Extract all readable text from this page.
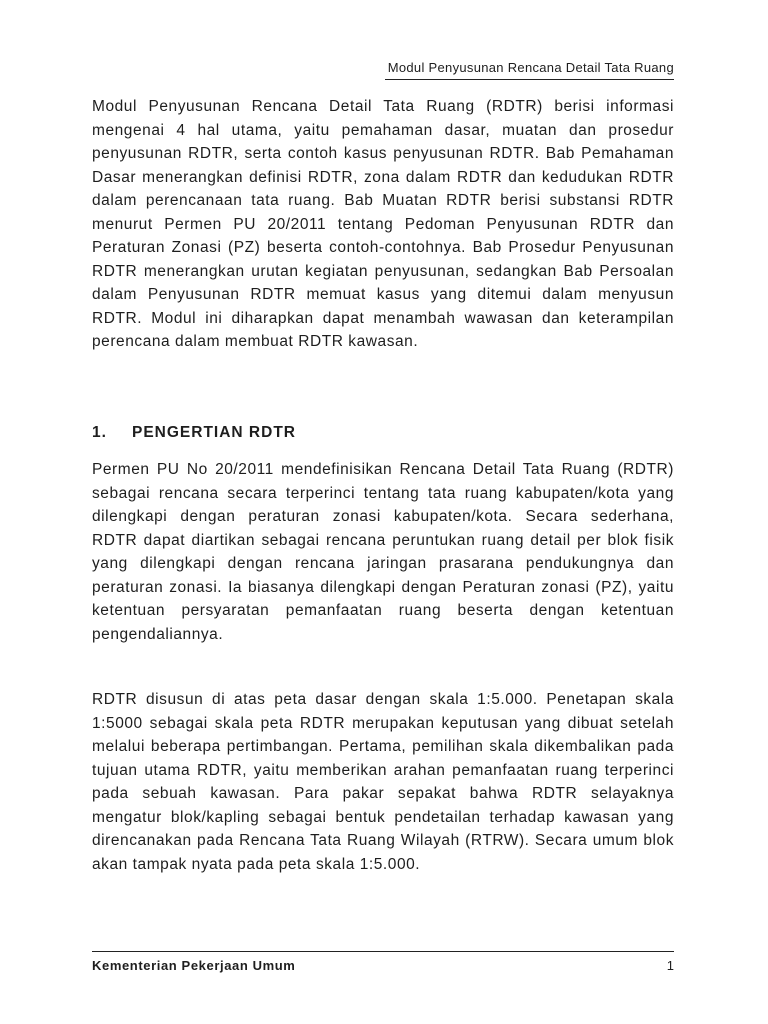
Modul Penyusunan Rencana Detail Tata Ruang

Modul Penyusunan Rencana Detail Tata Ruang (RDTR) berisi informasi mengenai 4 hal utama, yaitu pemahaman dasar, muatan dan prosedur penyusunan RDTR, serta contoh kasus penyusunan RDTR. Bab Pemahaman Dasar menerangkan definisi RDTR, zona dalam RDTR dan kedudukan RDTR dalam perencanaan tata ruang. Bab Muatan RDTR berisi substansi RDTR menurut Permen PU 20/2011 tentang Pedoman Penyusunan RDTR dan Peraturan Zonasi (PZ) beserta contoh-contohnya. Bab Prosedur Penyusunan RDTR menerangkan urutan kegiatan penyusunan, sedangkan Bab Persoalan dalam Penyusunan RDTR memuat kasus yang ditemui dalam menyusun RDTR. Modul ini diharapkan dapat menambah wawasan dan keterampilan perencana dalam membuat RDTR kawasan.

1. PENGERTIAN RDTR

Permen PU No 20/2011 mendefinisikan Rencana Detail Tata Ruang (RDTR) sebagai rencana secara terperinci tentang tata ruang kabupaten/kota yang dilengkapi dengan peraturan zonasi kabupaten/kota. Secara sederhana, RDTR dapat diartikan sebagai rencana peruntukan ruang detail per blok fisik yang dilengkapi dengan rencana jaringan prasarana pendukungnya dan peraturan zonasi. Ia biasanya dilengkapi dengan Peraturan zonasi (PZ), yaitu ketentuan persyaratan pemanfaatan ruang beserta dengan ketentuan pengendaliannya.

RDTR disusun di atas peta dasar dengan skala 1:5.000. Penetapan skala 1:5000 sebagai skala peta RDTR merupakan keputusan yang dibuat setelah melalui beberapa pertimbangan. Pertama, pemilihan skala dikembalikan pada tujuan utama RDTR, yaitu memberikan arahan pemanfaatan ruang terperinci pada sebuah kawasan. Para pakar sepakat bahwa RDTR selayaknya mengatur blok/kapling sebagai bentuk pendetailan terhadap kawasan yang direncanakan pada Rencana Tata Ruang Wilayah (RTRW). Secara umum blok akan tampak nyata pada peta skala 1:5.000.

Kementerian Pekerjaan Umum	1
